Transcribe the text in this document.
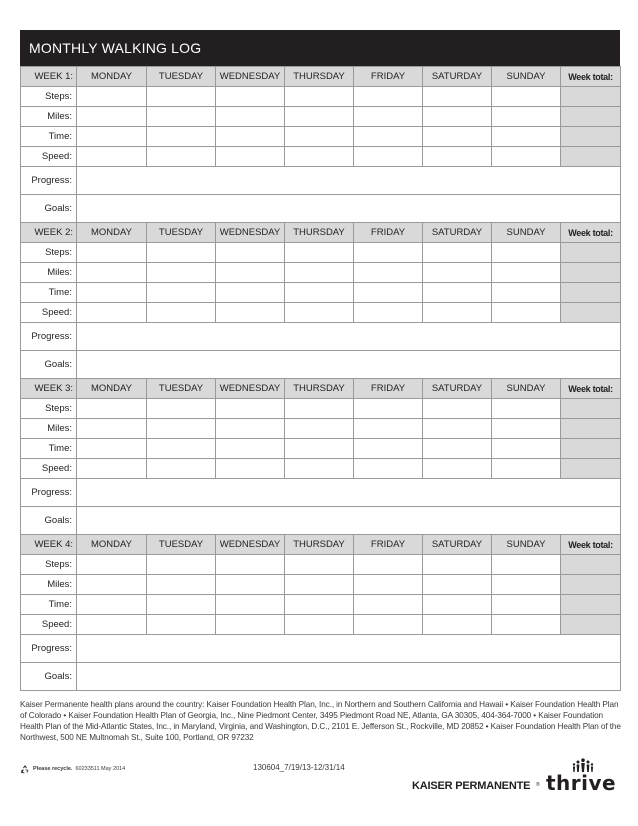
MONTHLY WALKING LOG
WEEK 1:	MONDAY	TUESDAY	WEDNESDAY	THURSDAY	FRIDAY	SATURDAY	SUNDAY	Week total:
Steps:								
Miles:								
Time:								
Speed:								
Progress:								
Goals:								
WEEK 2:	MONDAY	TUESDAY	WEDNESDAY	THURSDAY	FRIDAY	SATURDAY	SUNDAY	Week total:
Steps:								
Miles:								
Time:								
Speed:								
Progress:								
Goals:								
WEEK 3:	MONDAY	TUESDAY	WEDNESDAY	THURSDAY	FRIDAY	SATURDAY	SUNDAY	Week total:
Steps:								
Miles:								
Time:								
Speed:								
Progress:								
Goals:								
WEEK 4:	MONDAY	TUESDAY	WEDNESDAY	THURSDAY	FRIDAY	SATURDAY	SUNDAY	Week total:
Steps:								
Miles:								
Time:								
Speed:								
Progress:								
Goals:								
Kaiser Permanente health plans around the country: Kaiser Foundation Health Plan, Inc., in Northern and Southern California and Hawaii • Kaiser Foundation Health Plan of Colorado • Kaiser Foundation Health Plan of Georgia, Inc., Nine Piedmont Center, 3495 Piedmont Road NE, Atlanta, GA 30305, 404-364-7000 • Kaiser Foundation Health Plan of the Mid-Atlantic States, Inc., in Maryland, Virginia, and Washington, D.C., 2101 E. Jefferson St., Rockville, MD 20852 • Kaiser Foundation Health Plan of the Northwest, 500 NE Multnomah St., Suite 100, Portland, OR 97232
Please recycle. 60233511 May 2014	130604_7/19/13-12/31/14
KAISER PERMANENTE ® thrive
